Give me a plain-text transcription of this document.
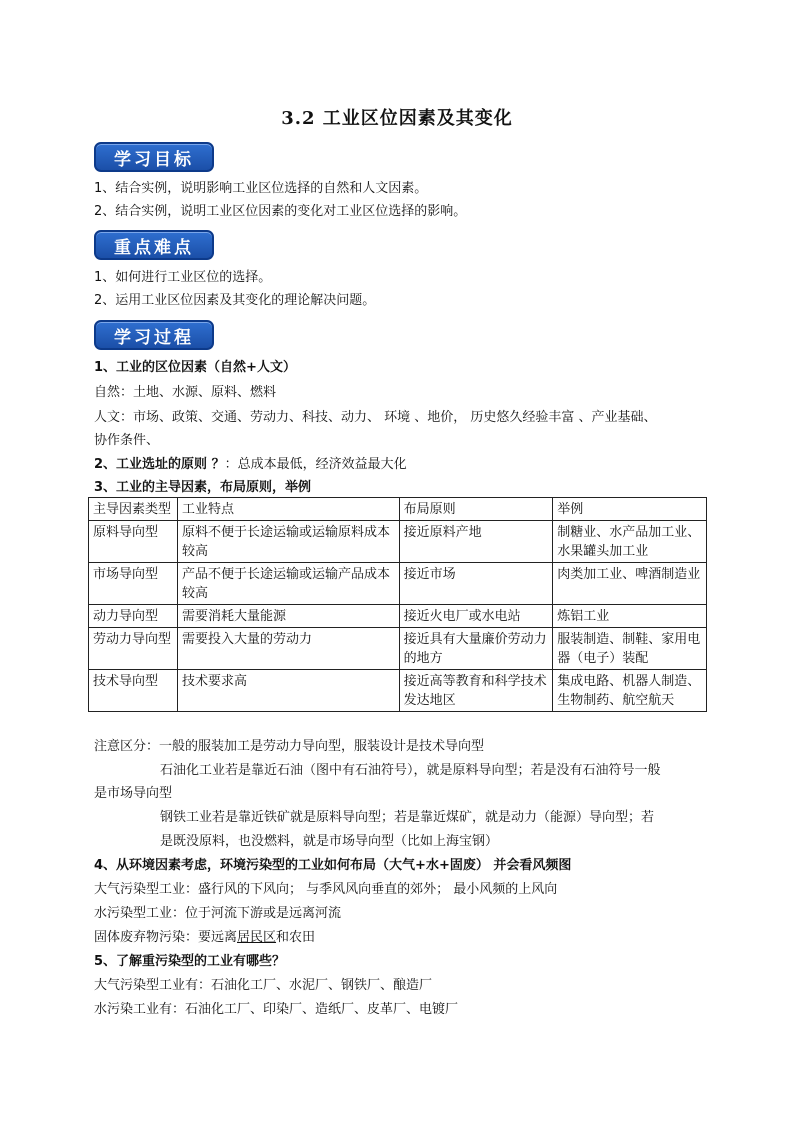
3.2 工业区位因素及其变化
学习目标
1、结合实例，说明影响工业区位选择的自然和人文因素。
2、结合实例，说明工业区位因素的变化对工业区位选择的影响。
重点难点
1、如何进行工业区位的选择。
2、运用工业区位因素及其变化的理论解决问题。
学习过程
1、工业的区位因素（自然+人文）
自然：土地、水源、原料、燃料
人文：市场、政策、交通、劳动力、科技、动力、 环境 、地价， 历史悠久经验丰富 、产业基础、
协作条件、
2、工业选址的原则 ？：总成本最低，经济效益最大化
3、工业的主导因素，布局原则，举例
主导因素类型	工业特点	布局原则	举例
原料导向型	原料不便于长途运输或运输原料成本较高	接近原料产地	制糖业、水产品加工业、水果罐头加工业
市场导向型	产品不便于长途运输或运输产品成本较高	接近市场	肉类加工业、啤酒制造业
动力导向型	需要消耗大量能源	接近火电厂或水电站	炼铝工业
劳动力导向型	需要投入大量的劳动力	接近具有大量廉价劳动力的地方	服装制造、制鞋、家用电器（电子）装配
技术导向型	技术要求高	接近高等教育和科学技术发达地区	集成电路、机器人制造、生物制药、航空航天
注意区分：一般的服装加工是劳动力导向型，服装设计是技术导向型
石油化工业若是靠近石油（图中有石油符号），就是原料导向型；若是没有石油符号一般
是市场导向型
钢铁工业若是靠近铁矿就是原料导向型；若是靠近煤矿，就是动力（能源）导向型；若
是既没原料，也没燃料，就是市场导向型（比如上海宝钢）
4、从环境因素考虑，环境污染型的工业如何布局（大气+水+固废） 并会看风频图
大气污染型工业：盛行风的下风向； 与季风风向垂直的郊外； 最小风频的上风向
水污染型工业：位于河流下游或是远离河流
固体废弃物污染：要远离居民区和农田
5、了解重污染型的工业有哪些？
大气污染型工业有：石油化工厂、水泥厂、钢铁厂、酿造厂
水污染工业有：石油化工厂、印染厂、造纸厂、皮革厂、电镀厂
